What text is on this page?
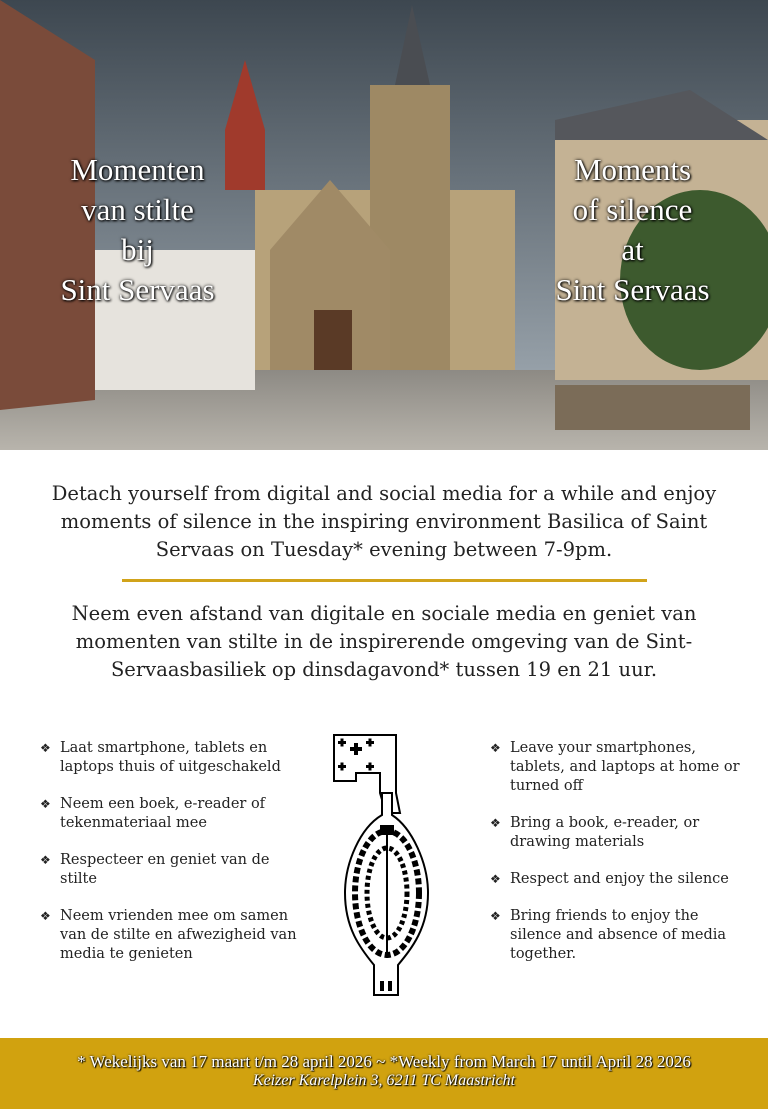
Momenten
van stilte
bij
Sint Servaas
Moments
of silence
at
Sint Servaas

Detach yourself from digital and social media for a while and enjoy moments of silence in the inspiring environment Basilica of Saint Servaas on Tuesday* evening between 7-9pm.

Neem even afstand van digitale en sociale media en geniet van momenten van stilte in de inspirerende omgeving van de Sint-Servaasbasiliek op dinsdagavond* tussen 19 en 21 uur.

❖ Laat smartphone, tablets en laptops thuis of uitgeschakeld
❖ Neem een boek, e-reader of tekenmateriaal mee
❖ Respecteer en geniet van de stilte
❖ Neem vrienden mee om samen van de stilte en afwezigheid van media te genieten
❖ Leave your smartphones, tablets, and laptops at home or turned off
❖ Bring a book, e-reader, or drawing materials
❖ Respect and enjoy the silence
❖ Bring friends to enjoy the silence and absence of media together.
* Wekelijks van 17 maart t/m 28 april 2026 ~ *Weekly from March 17 until April 28 2026
Keizer Karelplein 3, 6211 TC Maastricht
